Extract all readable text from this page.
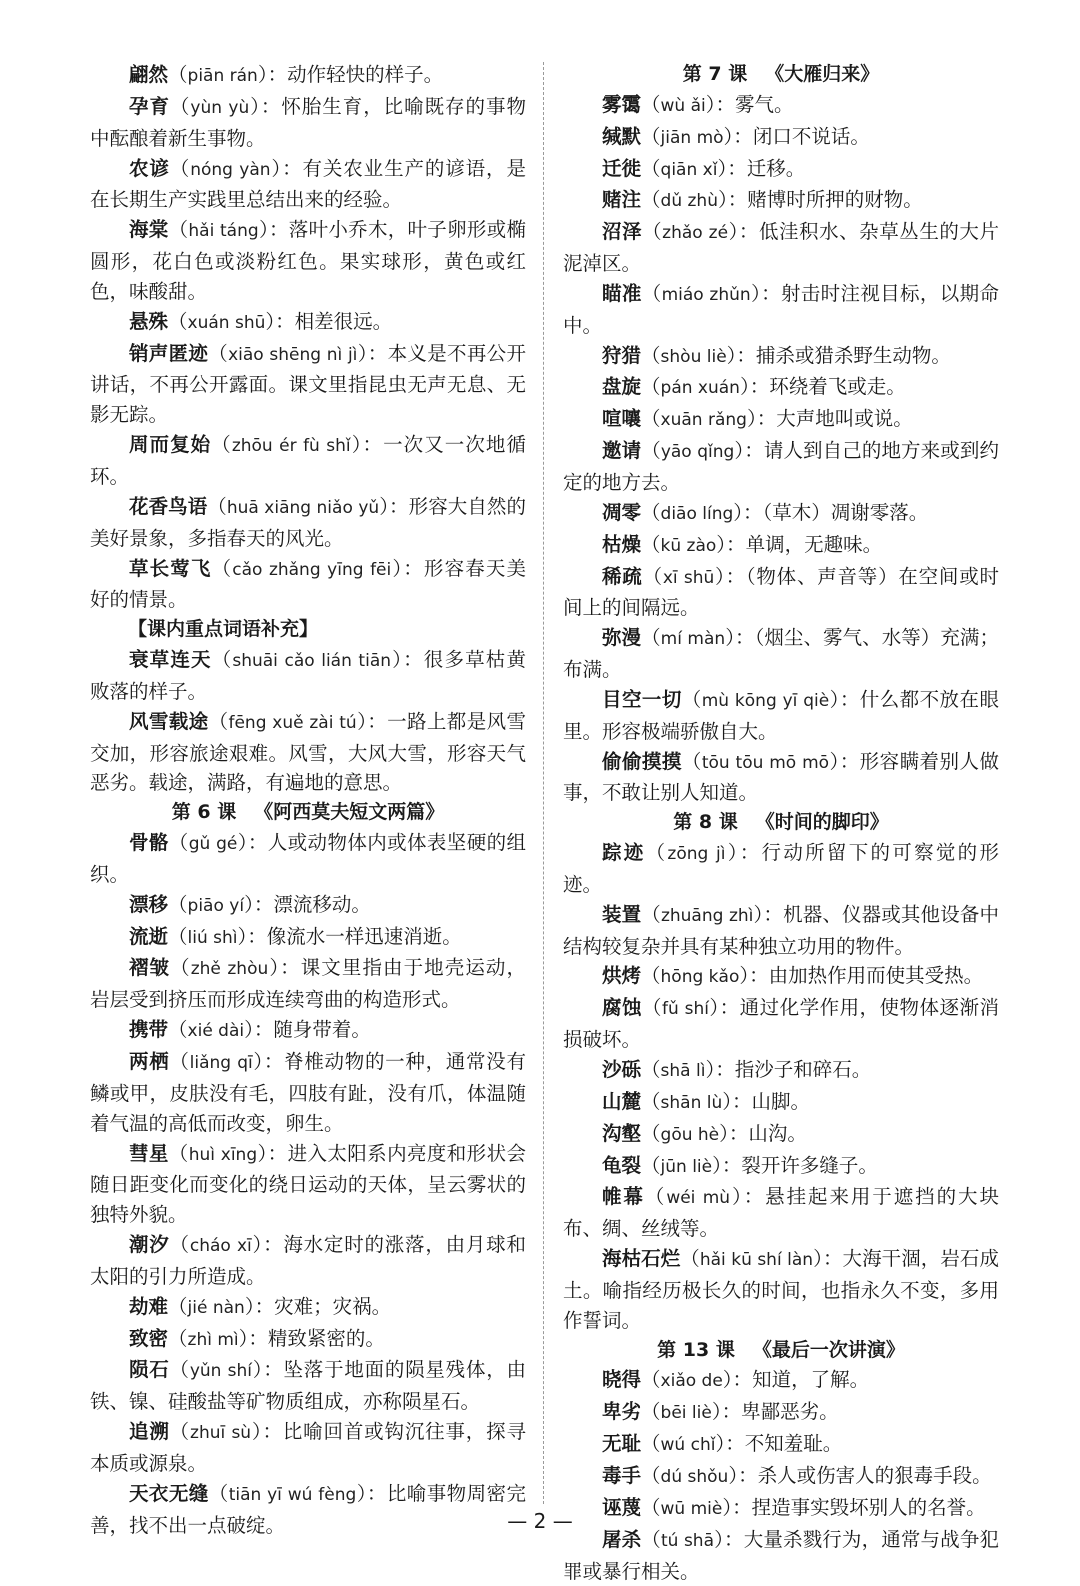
翩然（piān rán）：动作轻快的样子。

孕育（yùn yù）：怀胎生育，比喻既存的事物中酝酿着新生事物。

农谚（nóng yàn）：有关农业生产的谚语，是在长期生产实践里总结出来的经验。

海棠（hǎi táng）：落叶小乔木，叶子卵形或椭圆形，花白色或淡粉红色。果实球形，黄色或红色，味酸甜。

悬殊（xuán shū）：相差很远。

销声匿迹（xiāo shēng nì jì）：本义是不再公开讲话，不再公开露面。课文里指昆虫无声无息、无影无踪。

周而复始（zhōu ér fù shǐ）：一次又一次地循环。

花香鸟语（huā xiāng niǎo yǔ）：形容大自然的美好景象，多指春天的风光。

草长莺飞（cǎo zhǎng yīng fēi）：形容春天美好的情景。

【课内重点词语补充】

衰草连天（shuāi cǎo lián tiān）：很多草枯黄败落的样子。

风雪载途（fēng xuě zài tú）：一路上都是风雪交加，形容旅途艰难。风雪，大风大雪，形容天气恶劣。载途，满路，有遍地的意思。

第 6 课 《阿西莫夫短文两篇》

骨骼（gǔ gé）：人或动物体内或体表坚硬的组织。

漂移（piāo yí）：漂流移动。

流逝（liú shì）：像流水一样迅速消逝。

褶皱（zhě zhòu）：课文里指由于地壳运动，岩层受到挤压而形成连续弯曲的构造形式。

携带（xié dài）：随身带着。

两栖（liǎng qī）：脊椎动物的一种，通常没有鳞或甲，皮肤没有毛，四肢有趾，没有爪，体温随着气温的高低而改变，卵生。

彗星（huì xīng）：进入太阳系内亮度和形状会随日距变化而变化的绕日运动的天体，呈云雾状的独特外貌。

潮汐（cháo xī）：海水定时的涨落，由月球和太阳的引力所造成。

劫难（jié nàn）：灾难；灾祸。

致密（zhì mì）：精致紧密的。

陨石（yǔn shí）：坠落于地面的陨星残体，由铁、镍、硅酸盐等矿物质组成，亦称陨星石。

追溯（zhuī sù）：比喻回首或钩沉往事，探寻本质或源泉。

天衣无缝（tiān yī wú fèng）：比喻事物周密完善，找不出一点破绽。

第 7 课 《大雁归来》

雾霭（wù ǎi）：雾气。

缄默（jiān mò）：闭口不说话。

迁徙（qiān xǐ）：迁移。

赌注（dǔ zhù）：赌博时所押的财物。

沼泽（zhǎo zé）：低洼积水、杂草丛生的大片泥淖区。

瞄准（miáo zhǔn）：射击时注视目标，以期命中。

狩猎（shòu liè）：捕杀或猎杀野生动物。

盘旋（pán xuán）：环绕着飞或走。

喧嚷（xuān rǎng）：大声地叫或说。

邀请（yāo qǐng）：请人到自己的地方来或到约定的地方去。

凋零（diāo líng）：（草木）凋谢零落。

枯燥（kū zào）：单调，无趣味。

稀疏（xī shū）：（物体、声音等）在空间或时间上的间隔远。

弥漫（mí màn）：（烟尘、雾气、水等）充满；布满。

目空一切（mù kōng yī qiè）：什么都不放在眼里。形容极端骄傲自大。

偷偷摸摸（tōu tōu mō mō）：形容瞒着别人做事，不敢让别人知道。

第 8 课 《时间的脚印》

踪迹（zōng jì）：行动所留下的可察觉的形迹。

装置（zhuāng zhì）：机器、仪器或其他设备中结构较复杂并具有某种独立功用的物件。

烘烤（hōng kǎo）：由加热作用而使其受热。

腐蚀（fǔ shí）：通过化学作用，使物体逐渐消损破坏。

沙砾（shā lì）：指沙子和碎石。

山麓（shān lù）：山脚。

沟壑（gōu hè）：山沟。

龟裂（jūn liè）：裂开许多缝子。

帷幕（wéi mù）：悬挂起来用于遮挡的大块布、绸、丝绒等。

海枯石烂（hǎi kū shí làn）：大海干涸，岩石成土。喻指经历极长久的时间，也指永久不变，多用作誓词。

第 13 课 《最后一次讲演》

晓得（xiǎo de）：知道，了解。

卑劣（bēi liè）：卑鄙恶劣。

无耻（wú chǐ）：不知羞耻。

毒手（dú shǒu）：杀人或伤害人的狠毒手段。

诬蔑（wū miè）：捏造事实毁坏别人的名誉。

屠杀（tú shā）：大量杀戮行为，通常与战争犯罪或暴行相关。

— 2 —
